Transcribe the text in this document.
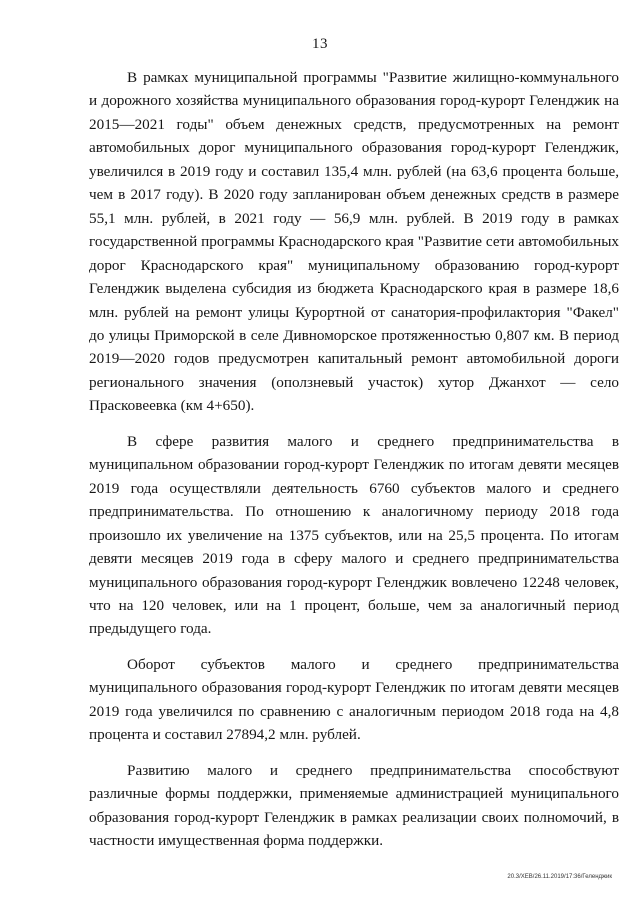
13

В рамках муниципальной программы "Развитие жилищно-коммунального и дорожного хозяйства муниципального образования город-курорт Геленджик на 2015—2021 годы" объем денежных средств, предусмотренных на ремонт автомобильных дорог муниципального образования город-курорт Геленджик, увеличился в 2019 году и составил 135,4 млн. рублей (на 63,6 процента больше, чем в 2017 году). В 2020 году запланирован объем денежных средств в размере 55,1 млн. рублей, в 2021 году — 56,9 млн. рублей. В 2019 году в рамках государственной программы Краснодарского края "Развитие сети автомобильных дорог Краснодарского края" муниципальному образованию город-курорт Геленджик выделена субсидия из бюджета Краснодарского края в размере 18,6 млн. рублей на ремонт улицы Курортной от санатория-профилактория "Факел" до улицы Приморской в селе Дивноморское протяженностью 0,807 км. В период 2019—2020 годов предусмотрен капитальный ремонт автомобильной дороги регионального значения (оползневый участок) хутор Джанхот — село Прасковеевка (км 4+650).

В сфере развития малого и среднего предпринимательства в муниципальном образовании город-курорт Геленджик по итогам девяти месяцев 2019 года осуществляли деятельность 6760 субъектов малого и среднего предпринимательства. По отношению к аналогичному периоду 2018 года произошло их увеличение на 1375 субъектов, или на 25,5 процента. По итогам девяти месяцев 2019 года в сферу малого и среднего предпринимательства муниципального образования город-курорт Геленджик вовлечено 12248 человек, что на 120 человек, или на 1 процент, больше, чем за аналогичный период предыдущего года.

Оборот субъектов малого и среднего предпринимательства муниципального образования город-курорт Геленджик по итогам девяти месяцев 2019 года увеличился по сравнению с аналогичным периодом 2018 года на 4,8 процента и составил 27894,2 млн. рублей.

Развитию малого и среднего предпринимательства способствуют различные формы поддержки, применяемые администрацией муниципального образования город-курорт Геленджик в рамках реализации своих полномочий, в частности имущественная форма поддержки.

20.3/ХЕВ/26.11.2019/17:36/Геленджик
